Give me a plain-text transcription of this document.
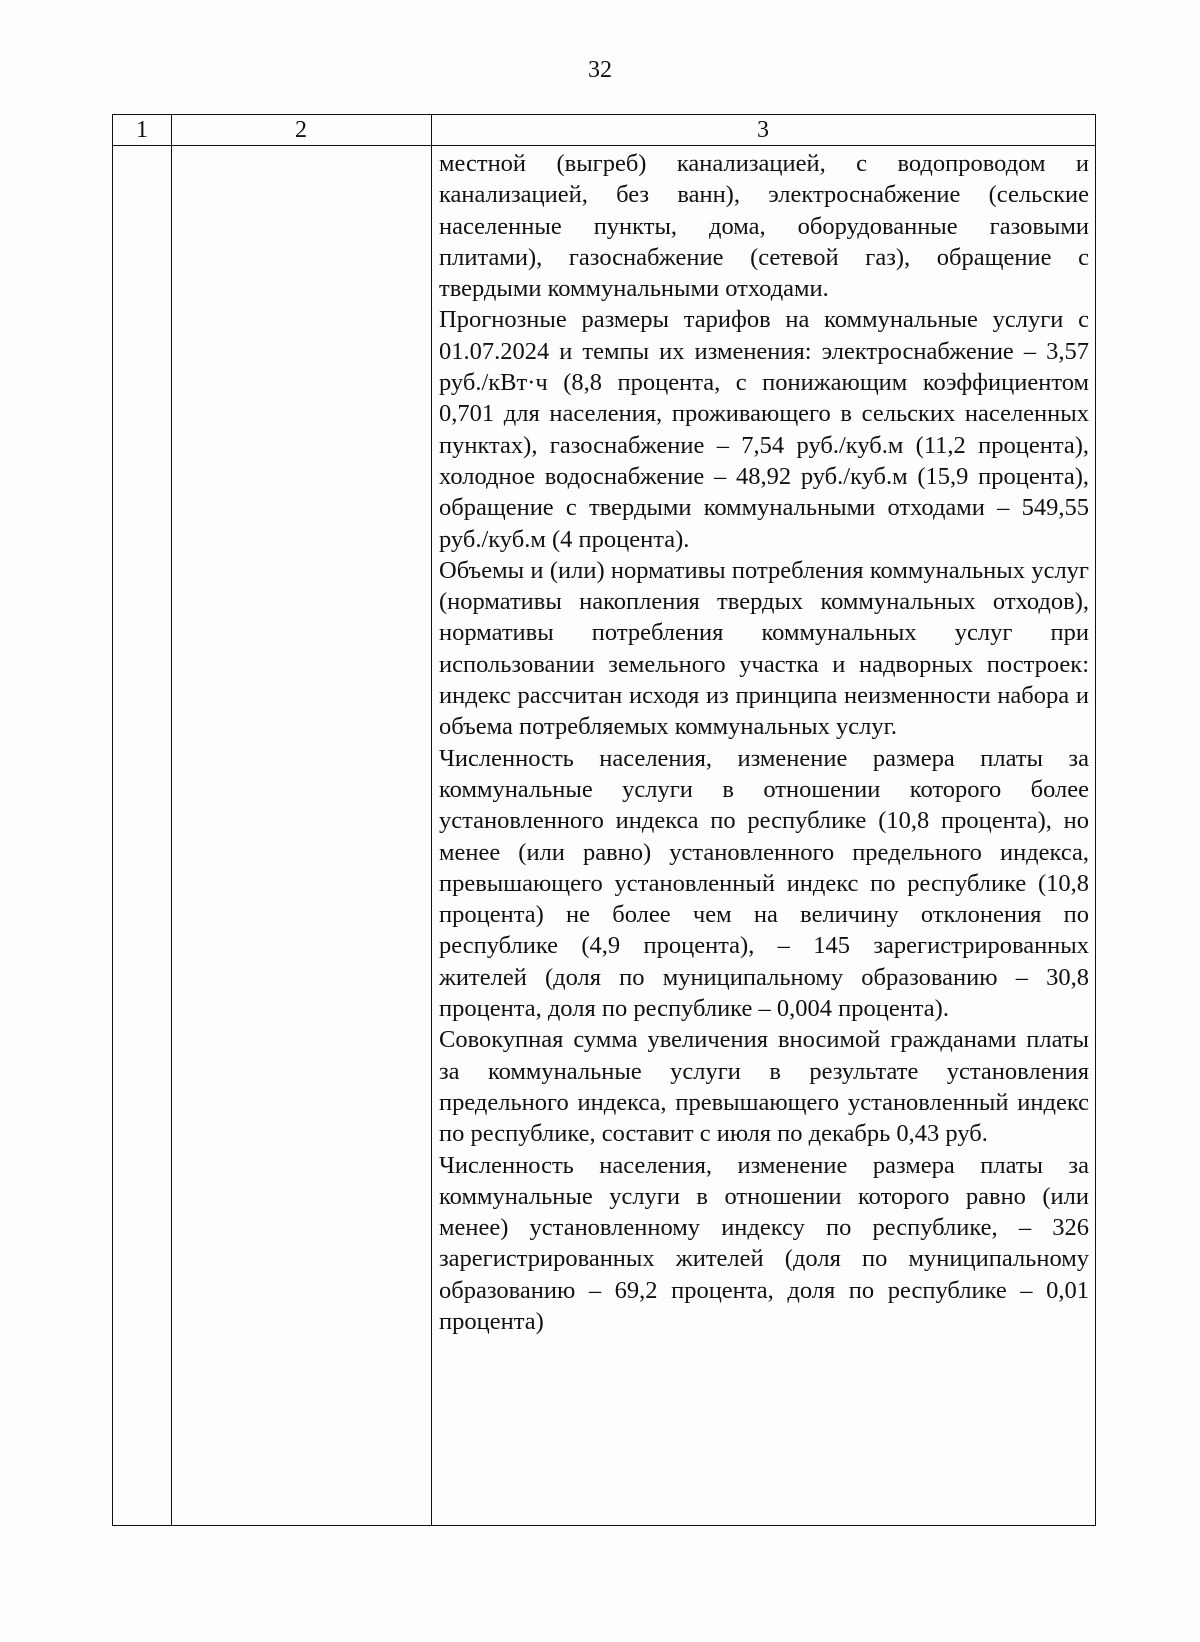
32
1	2	3

местной (выгреб) канализацией, с водопроводом и канализацией, без ванн), электроснабжение (сельские населенные пункты, дома, оборудованные газовыми плитами), газоснабжение (сетевой газ), обращение с твердыми коммунальными отходами.

Прогнозные размеры тарифов на коммунальные услуги с 01.07.2024 и темпы их изменения: электроснабжение – 3,57 руб./кВт·ч (8,8 процента, с понижающим коэффициентом 0,701 для населения, проживающего в сельских населенных пунктах), газоснабжение – 7,54 руб./куб.м (11,2 процента), холодное водоснабжение – 48,92 руб./куб.м (15,9 процента), обращение с твердыми коммунальными отходами – 549,55 руб./куб.м (4 процента).

Объемы и (или) нормативы потребления коммунальных услуг (нормативы накопления твердых коммунальных отходов), нормативы потребления коммунальных услуг при использовании земельного участка и надворных построек: индекс рассчитан исходя из принципа неизменности набора и объема потребляемых коммунальных услуг.

Численность населения, изменение размера платы за коммунальные услуги в отношении которого более установленного индекса по республике (10,8 процента), но менее (или равно) установленного предельного индекса, превышающего установленный индекс по республике (10,8 процента) не более чем на величину отклонения по республике (4,9 процента), – 145 зарегистрированных жителей (доля по муниципальному образованию – 30,8 процента, доля по республике – 0,004 процента).

Совокупная сумма увеличения вносимой гражданами платы за коммунальные услуги в результате установления предельного индекса, превышающего установленный индекс по республике, составит с июля по декабрь 0,43 руб.

Численность населения, изменение размера платы за коммунальные услуги в отношении которого равно (или менее) установленному индексу по республике, – 326 зарегистрированных жителей (доля по муниципальному образованию – 69,2 процента, доля по республике – 0,01 процента)
